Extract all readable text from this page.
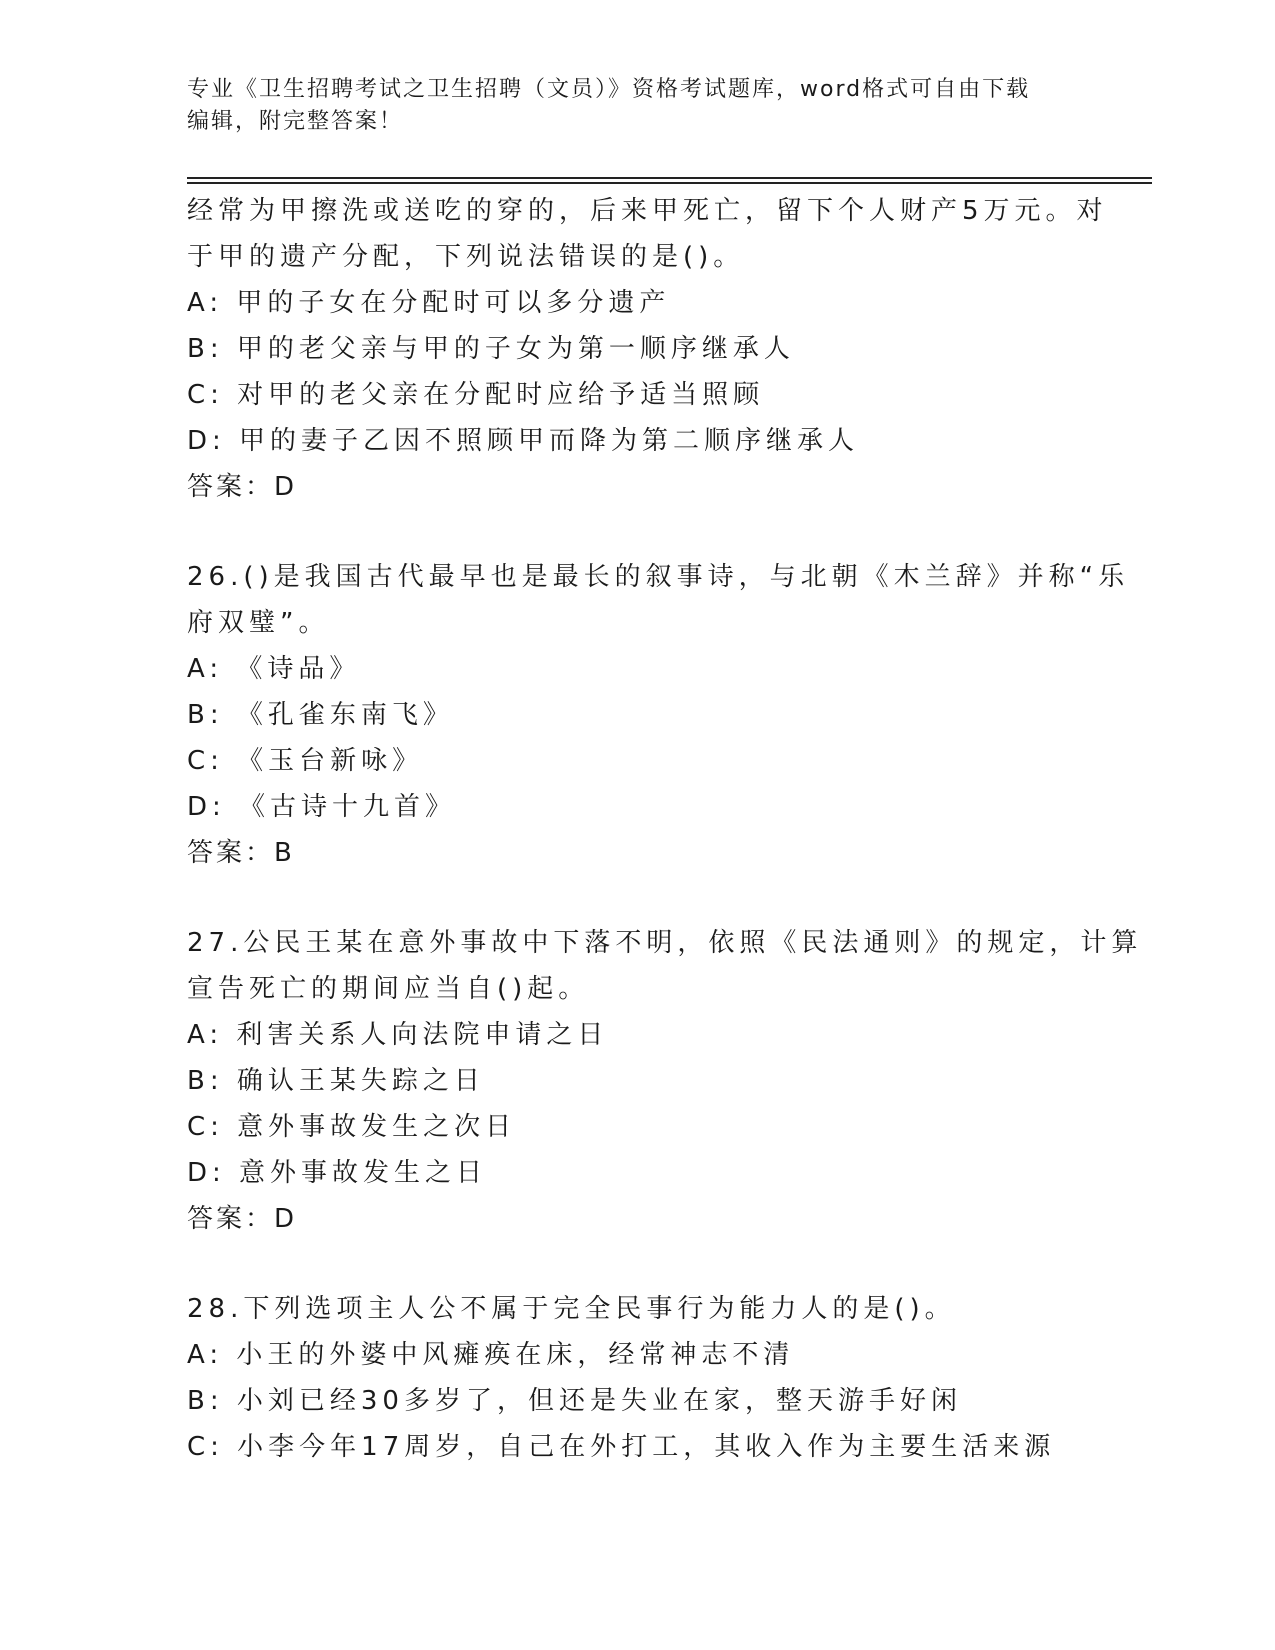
专业《卫生招聘考试之卫生招聘（文员）》资格考试题库，word格式可自由下载
编辑，附完整答案！
经常为甲擦洗或送吃的穿的，后来甲死亡，留下个人财产5万元。对
于甲的遗产分配，下列说法错误的是()。
A: 甲的子女在分配时可以多分遗产
B: 甲的老父亲与甲的子女为第一顺序继承人
C: 对甲的老父亲在分配时应给予适当照顾
D: 甲的妻子乙因不照顾甲而降为第二顺序继承人
答案：D
26.()是我国古代最早也是最长的叙事诗，与北朝《木兰辞》并称“乐
府双璧”。
A: 《诗品》
B: 《孔雀东南飞》
C: 《玉台新咏》
D: 《古诗十九首》
答案：B
27.公民王某在意外事故中下落不明，依照《民法通则》的规定，计算
宣告死亡的期间应当自()起。
A: 利害关系人向法院申请之日
B: 确认王某失踪之日
C: 意外事故发生之次日
D: 意外事故发生之日
答案：D
28.下列选项主人公不属于完全民事行为能力人的是()。
A: 小王的外婆中风瘫痪在床，经常神志不清
B: 小刘已经30多岁了，但还是失业在家，整天游手好闲
C: 小李今年17周岁，自己在外打工，其收入作为主要生活来源
